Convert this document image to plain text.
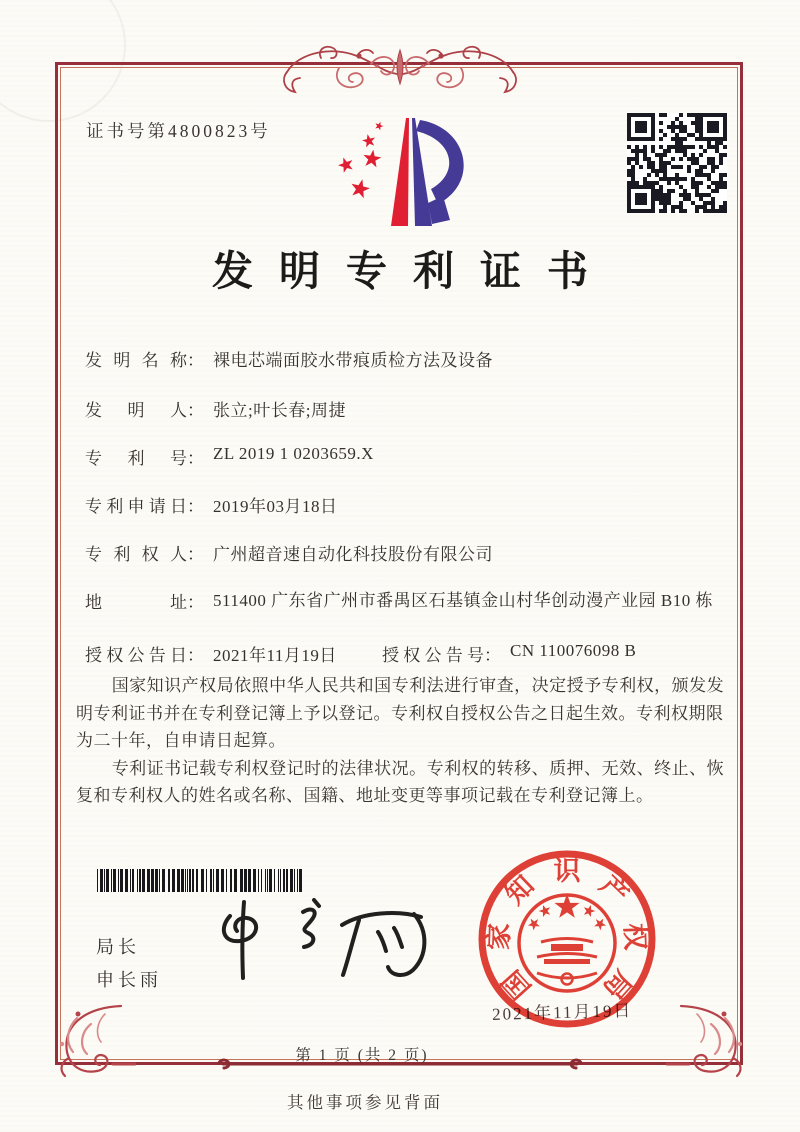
证书号第4800823号
发明专利证书
发明名称： 裸电芯端面胶水带痕质检方法及设备
发明人： 张立;叶长春;周捷
专利号： ZL 2019 1 0203659.X
专利申请日： 2019年03月18日
专利权人： 广州超音速自动化科技股份有限公司
地址： 511400 广东省广州市番禺区石基镇金山村华创动漫产业园 B10 栋
授权公告日： 2021年11月19日	授权公告号： CN 110076098 B

国家知识产权局依照中华人民共和国专利法进行审查，决定授予专利权，颁发发明专利证书并在专利登记簿上予以登记。专利权自授权公告之日起生效。专利权期限为二十年，自申请日起算。

专利证书记载专利权登记时的法律状况。专利权的转移、质押、无效、终止、恢复和专利权人的姓名或名称、国籍、地址变更等事项记载在专利登记簿上。

局长
申长雨
2021年11月19日
国
家
知 识 产
权
局
第 1 页 (共 2 页)
其他事项参见背面
